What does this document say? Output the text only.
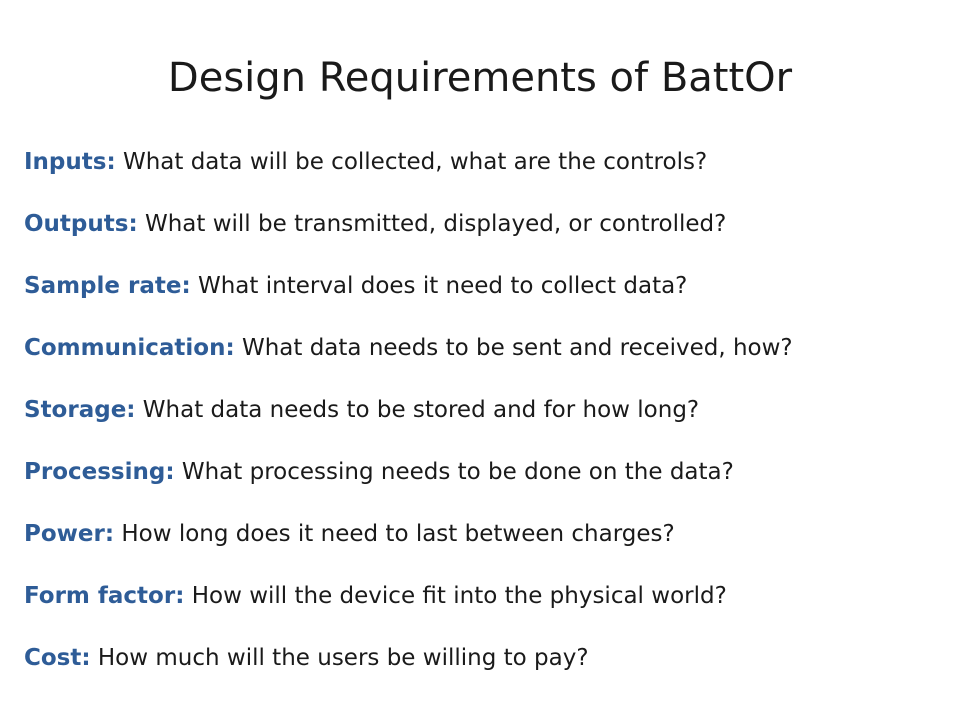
Design Requirements of BattOr
Inputs: What data will be collected, what are the controls?
Outputs: What will be transmitted, displayed, or controlled?
Sample rate: What interval does it need to collect data?
Communication: What data needs to be sent and received, how?
Storage: What data needs to be stored and for how long?
Processing: What processing needs to be done on the data?
Power: How long does it need to last between charges?
Form factor: How will the device fit into the physical world?
Cost: How much will the users be willing to pay?
